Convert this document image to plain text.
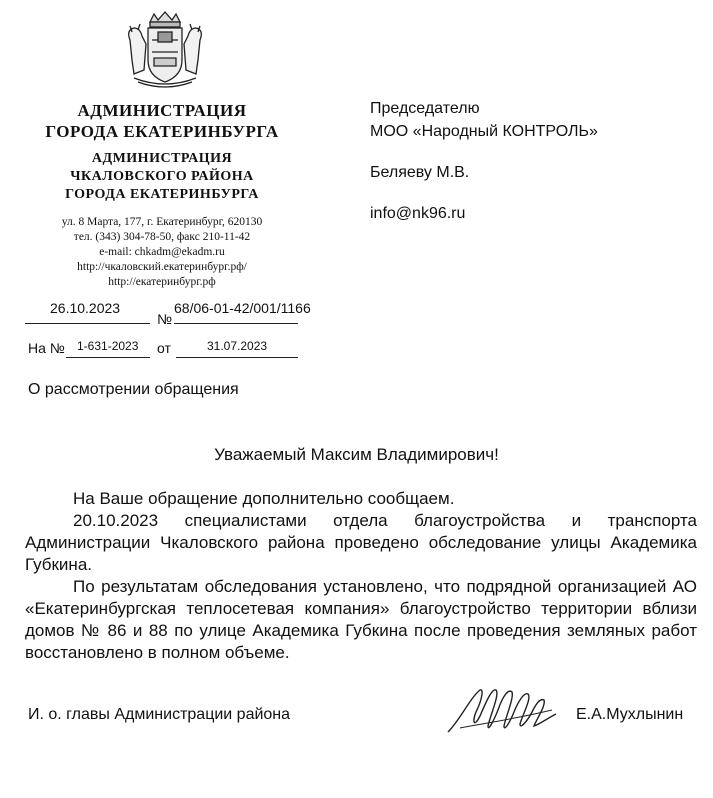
АДМИНИСТРАЦИЯ
ГОРОДА ЕКАТЕРИНБУРГА
АДМИНИСТРАЦИЯ
ЧКАЛОВСКОГО РАЙОНА
ГОРОДА ЕКАТЕРИНБУРГА
ул. 8 Марта, 177, г. Екатеринбург, 620130
тел. (343) 304-78-50, факс 210-11-42
e-mail: chkadm@ekadm.ru
http://чкаловский.екатеринбург.рф/
http://екатеринбург.рф
Председателю
МОО «Народный КОНТРОЛЬ»
Беляеву М.В.
info@nk96.ru
26.10.2023
№
68/06-01-42/001/1166
На № 1-631-2023 от	31.07.2023
О рассмотрении обращения
Уважаемый Максим Владимирович!

На Ваше обращение дополнительно сообщаем.

20.10.2023 специалистами отдела благоустройства и транспорта Администрации Чкаловского района проведено обследование улицы Академика Губкина.

По результатам обследования установлено, что подрядной организацией АО «Екатеринбургская теплосетевая компания» благоустройство территории вблизи домов № 86 и 88 по улице Академика Губкина после проведения земляных работ восстановлено в полном объеме.

И. о. главы Администрации района	Е.А.Мухлынин
